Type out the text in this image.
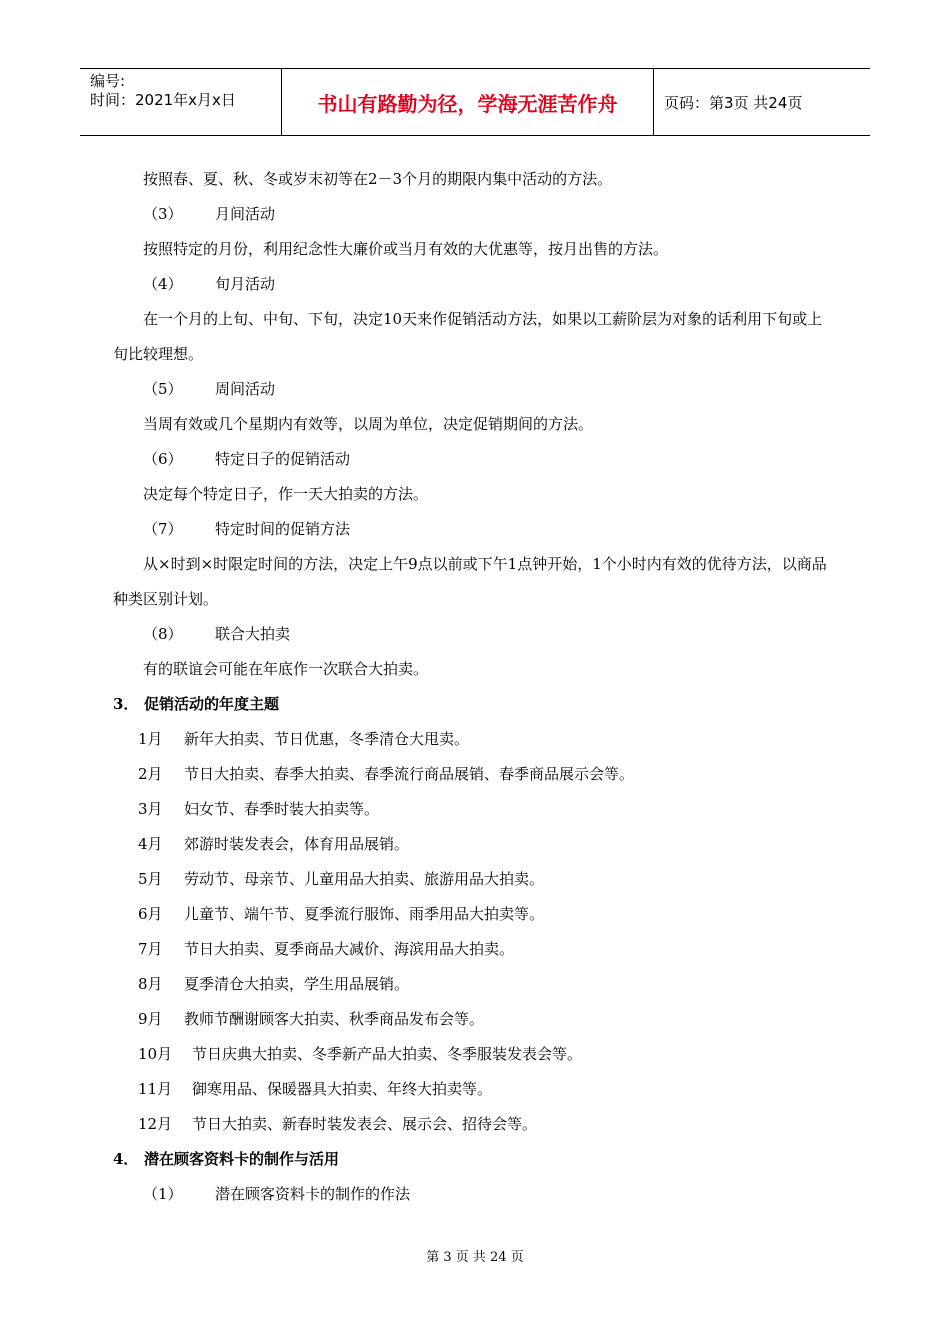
编号:
时间：2021年x月x日	书山有路勤为径，学海无涯苦作舟	页码：第3页 共24页
按照春、夏、秋、冬或岁末初等在2－3个月的期限内集中活动的方法。
（3） 月间活动
按照特定的月份，利用纪念性大廉价或当月有效的大优惠等，按月出售的方法。
（4） 旬月活动
在一个月的上旬、中旬、下旬，决定10天来作促销活动方法，如果以工薪阶层为对象的话利用下旬或上旬比较理想。
（5） 周间活动
当周有效或几个星期内有效等，以周为单位，决定促销期间的方法。
（6） 特定日子的促销活动
决定每个特定日子，作一天大拍卖的方法。
（7） 特定时间的促销方法
从×时到×时限定时间的方法，决定上午9点以前或下午1点钟开始，1个小时内有效的优待方法，以商品种类区别计划。
（8） 联合大拍卖
有的联谊会可能在年底作一次联合大拍卖。
3． 促销活动的年度主题
1月 新年大拍卖、节日优惠，冬季清仓大甩卖。
2月 节日大拍卖、春季大拍卖、春季流行商品展销、春季商品展示会等。
3月 妇女节、春季时装大拍卖等。
4月 郊游时装发表会，体育用品展销。
5月 劳动节、母亲节、儿童用品大拍卖、旅游用品大拍卖。
6月 儿童节、端午节、夏季流行服饰、雨季用品大拍卖等。
7月 节日大拍卖、夏季商品大减价、海滨用品大拍卖。
8月 夏季清仓大拍卖，学生用品展销。
9月 教师节酬谢顾客大拍卖、秋季商品发布会等。
10月 节日庆典大拍卖、冬季新产品大拍卖、冬季服装发表会等。
11月 御寒用品、保暖器具大拍卖、年终大拍卖等。
12月 节日大拍卖、新春时装发表会、展示会、招待会等。
4． 潜在顾客资料卡的制作与活用
（1） 潜在顾客资料卡的制作的作法
第 3 页 共 24 页
